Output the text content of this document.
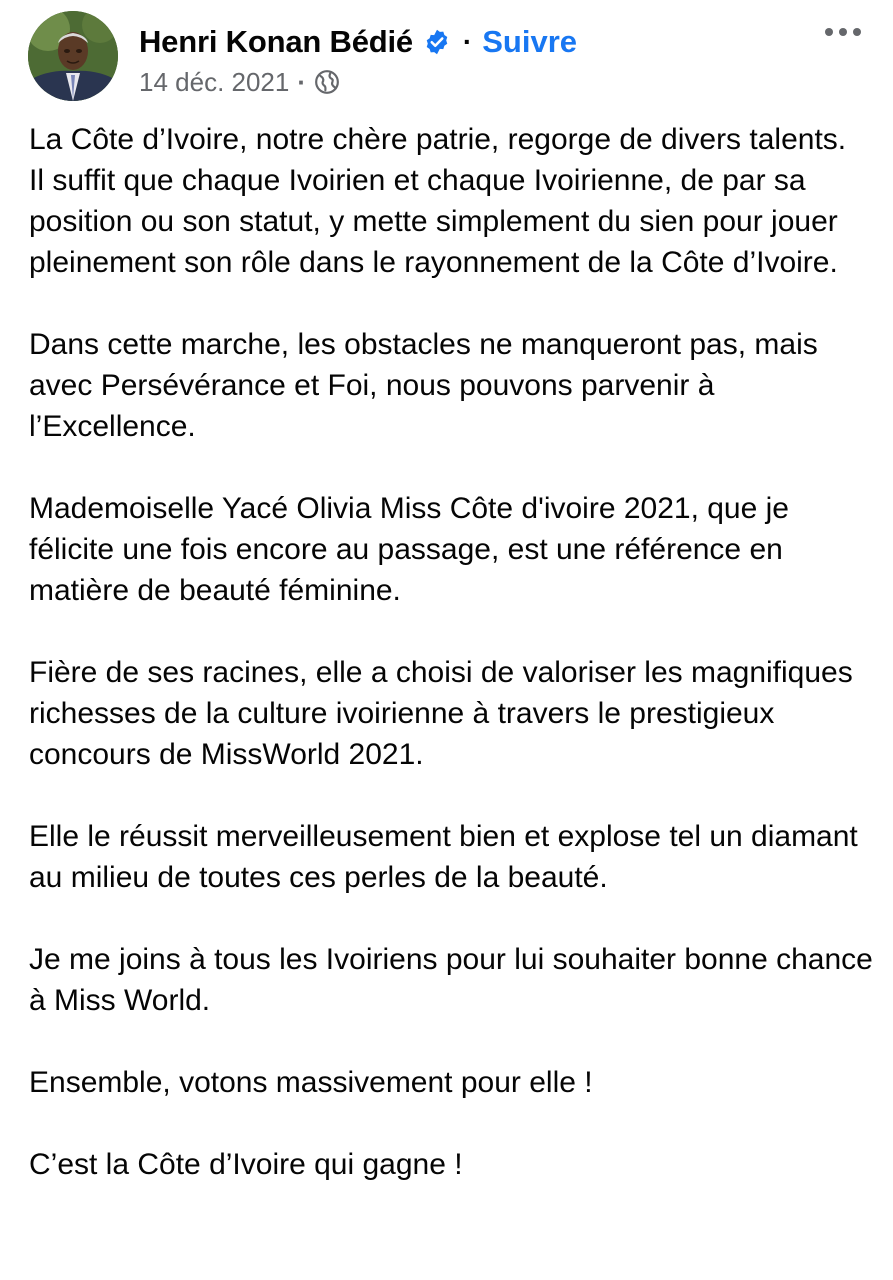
Henri Konan Bédié · Suivre
14 déc. 2021 ·

La Côte d’Ivoire, notre chère patrie, regorge de divers talents.

Il suffit que chaque Ivoirien et chaque Ivoirienne, de par sa position ou son statut, y mette simplement du sien pour jouer pleinement son rôle dans le rayonnement de la Côte d’Ivoire.

Dans cette marche, les obstacles ne manqueront pas, mais avec Persévérance et Foi, nous pouvons parvenir à l’Excellence.

Mademoiselle Yacé Olivia Miss Côte d'ivoire 2021, que je félicite une fois encore au passage, est une référence en matière de beauté féminine.

Fière de ses racines, elle a choisi de valoriser les magnifiques richesses de la culture ivoirienne à travers le prestigieux concours de MissWorld 2021.

Elle le réussit merveilleusement bien et explose tel un diamant au milieu de toutes ces perles de la beauté.

Je me joins à tous les Ivoiriens pour lui souhaiter bonne chance à Miss World.

Ensemble, votons massivement pour elle !

C’est la Côte d’Ivoire qui gagne !
